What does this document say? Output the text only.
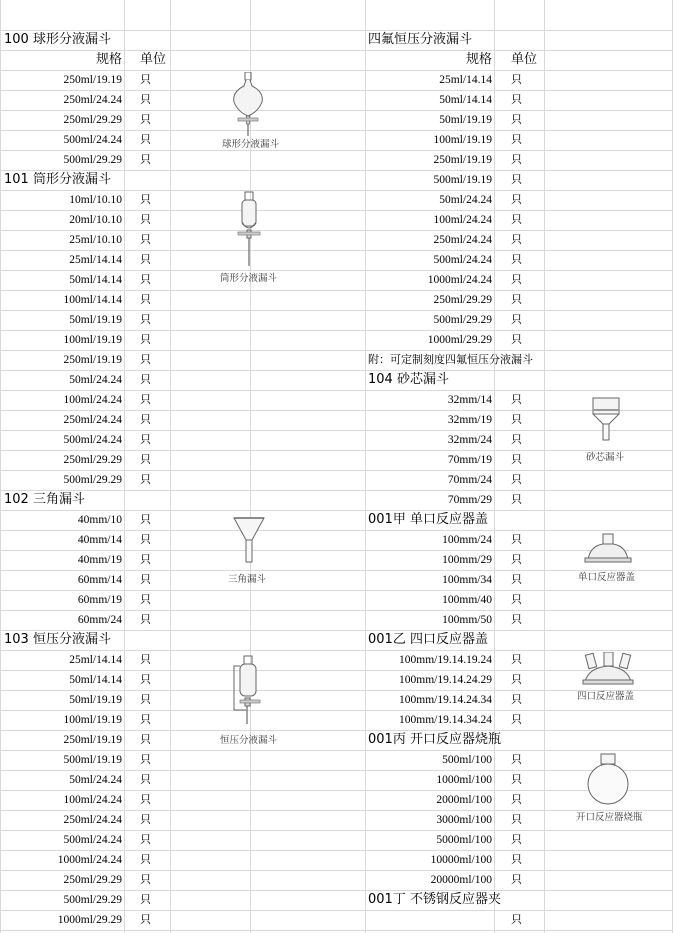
100 球形分液漏斗
规格 单位
250ml/19.19 只
250ml/24.24 只
250ml/29.29 只
500ml/24.24 只
500ml/29.29 只
101 筒形分液漏斗
10ml/10.10 只
20ml/10.10 只
25ml/10.10 只
25ml/14.14 只
50ml/14.14 只
100ml/14.14 只
50ml/19.19 只
100ml/19.19 只
250ml/19.19 只
50ml/24.24 只
100ml/24.24 只
250ml/24.24 只
500ml/24.24 只
250ml/29.29 只
500ml/29.29 只
102 三角漏斗
40mm/10 只
40mm/14 只
40mm/19 只
60mm/14 只
60mm/19 只
60mm/24 只
103 恒压分液漏斗
25ml/14.14 只
50ml/14.14 只
50ml/19.19 只
100ml/19.19 只
250ml/19.19 只
500ml/19.19 只
50ml/24.24 只
100ml/24.24 只
250ml/24.24 只
500ml/24.24 只
1000ml/24.24 只
250ml/29.29 只
500ml/29.29 只
1000ml/29.29 只
四氟恒压分液漏斗
规格 单位
25ml/14.14 只
50ml/14.14 只
50ml/19.19 只
100ml/19.19 只
250ml/19.19 只
500ml/19.19 只
50ml/24.24 只
100ml/24.24 只
250ml/24.24 只
500ml/24.24 只
1000ml/24.24 只
250ml/29.29 只
500ml/29.29 只
1000ml/29.29 只
附：可定制刻度四氟恒压分液漏斗
104 砂芯漏斗
32mm/14 只
32mm/19 只
32mm/24 只
70mm/19 只
70mm/24 只
70mm/29 只
001甲 单口反应器盖
100mm/24 只
100mm/29 只
100mm/34 只
100mm/40 只
100mm/50 只
001乙 四口反应器盖
100mm/19.14.19.24 只
100mm/19.14.24.29 只
100mm/19.14.24.34 只
100mm/19.14.34.24 只
001丙 开口反应器烧瓶
500ml/100 只
1000ml/100 只
2000ml/100 只
3000ml/100 只
5000ml/100 只
10000ml/100 只
20000ml/100 只
001丁 不锈钢反应器夹
只
球形分液漏斗
筒形分液漏斗
三角漏斗
恒压分液漏斗
砂芯漏斗
单口反应器盖
四口反应器盖
开口反应器烧瓶
